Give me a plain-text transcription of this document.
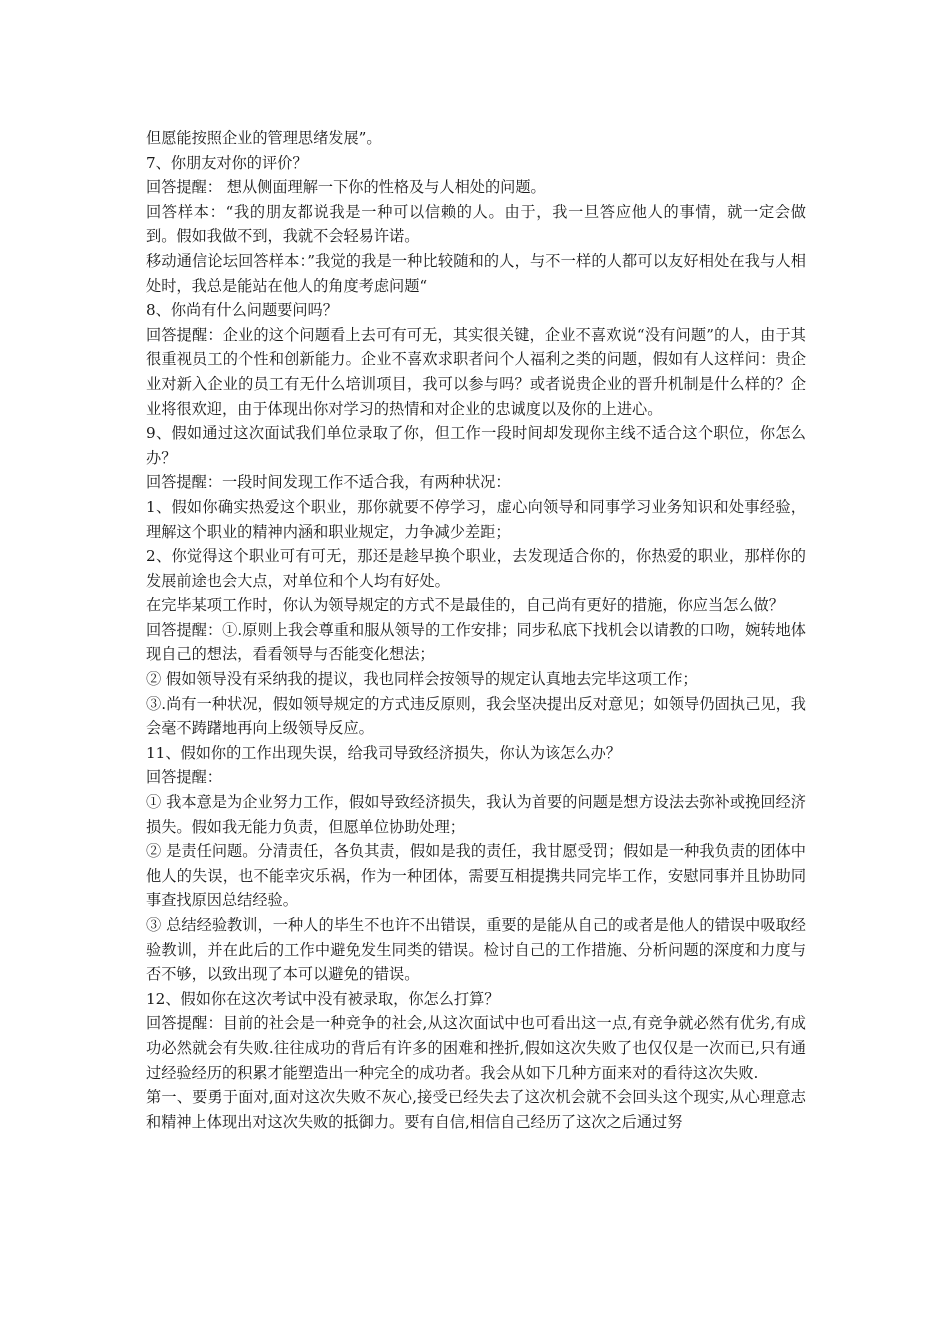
但愿能按照企业的管理思绪发展”。

7、你朋友对你的评价？

回答提醒： 想从侧面理解一下你的性格及与人相处的问题。

回答样本：“我的朋友都说我是一种可以信赖的人。由于，我一旦答应他人的事情，就一定会做到。假如我做不到，我就不会轻易许诺。

移动通信论坛回答样本：”我觉的我是一种比较随和的人，与不一样的人都可以友好相处在我与人相处时，我总是能站在他人的角度考虑问题“

8、你尚有什么问题要问吗？

回答提醒：企业的这个问题看上去可有可无，其实很关键，企业不喜欢说“没有问题”的人，由于其很重视员工的个性和创新能力。企业不喜欢求职者问个人福利之类的问题，假如有人这样问：贵企业对新入企业的员工有无什么培训项目，我可以参与吗？或者说贵企业的晋升机制是什么样的？企业将很欢迎，由于体现出你对学习的热情和对企业的忠诚度以及你的上进心。

9、假如通过这次面试我们单位录取了你，但工作一段时间却发现你主线不适合这个职位，你怎么办？

回答提醒：一段时间发现工作不适合我，有两种状况：

1、假如你确实热爱这个职业，那你就要不停学习，虚心向领导和同事学习业务知识和处事经验，理解这个职业的精神内涵和职业规定，力争减少差距；

2、你觉得这个职业可有可无，那还是趁早换个职业，去发现适合你的，你热爱的职业，那样你的发展前途也会大点，对单位和个人均有好处。

在完毕某项工作时，你认为领导规定的方式不是最佳的，自己尚有更好的措施，你应当怎么做？

回答提醒：①.原则上我会尊重和服从领导的工作安排；同步私底下找机会以请教的口吻，婉转地体现自己的想法，看看领导与否能变化想法；

② 假如领导没有采纳我的提议，我也同样会按领导的规定认真地去完毕这项工作；

③.尚有一种状况，假如领导规定的方式违反原则，我会坚决提出反对意见；如领导仍固执己见，我会毫不踌躇地再向上级领导反应。

11、假如你的工作出现失误，给我司导致经济损失，你认为该怎么办？

回答提醒：

① 我本意是为企业努力工作，假如导致经济损失，我认为首要的问题是想方设法去弥补或挽回经济损失。假如我无能力负责，但愿单位协助处理；

② 是责任问题。分清责任，各负其责，假如是我的责任，我甘愿受罚；假如是一种我负责的团体中他人的失误，也不能幸灾乐祸，作为一种团体，需要互相提携共同完毕工作，安慰同事并且协助同事查找原因总结经验。

③ 总结经验教训，一种人的毕生不也许不出错误，重要的是能从自己的或者是他人的错误中吸取经验教训，并在此后的工作中避免发生同类的错误。检讨自己的工作措施、分析问题的深度和力度与否不够，以致出现了本可以避免的错误。

12、假如你在这次考试中没有被录取，你怎么打算？

回答提醒：目前的社会是一种竞争的社会,从这次面试中也可看出这一点,有竞争就必然有优劣,有成功必然就会有失败.往往成功的背后有许多的困难和挫折,假如这次失败了也仅仅是一次而已,只有通过经验经历的积累才能塑造出一种完全的成功者。我会从如下几种方面来对的看待这次失败.

第一、要勇于面对,面对这次失败不灰心,接受已经失去了这次机会就不会回头这个现实,从心理意志和精神上体现出对这次失败的抵御力。要有自信,相信自己经历了这次之后通过努
